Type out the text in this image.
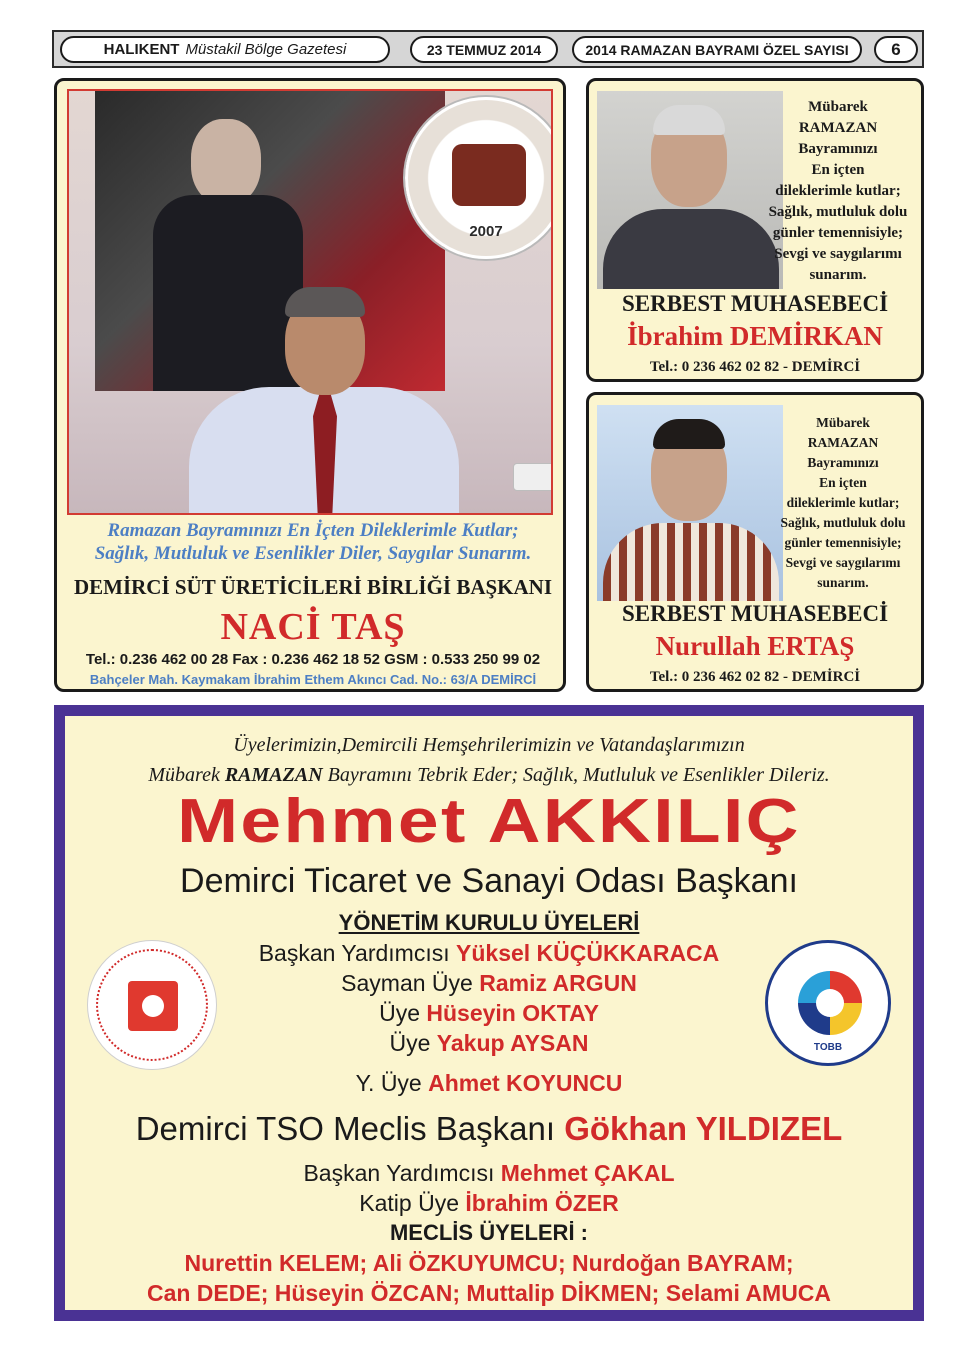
HALIKENT Müstakil Bölge Gazetesi	23 TEMMUZ 2014	2014 RAMAZAN BAYRAMI ÖZEL SAYISI	6
2007
Ramazan Bayramınızı En İçten Dileklerimle Kutlar;
Sağlık, Mutluluk ve Esenlikler Diler, Saygılar Sunarım.
DEMİRCİ SÜT ÜRETİCİLERİ BİRLİĞİ BAŞKANI
NACİ TAŞ
Tel.: 0.236 462 00 28 Fax : 0.236 462 18 52 GSM : 0.533 250 99 02
Bahçeler Mah. Kaymakam İbrahim Ethem Akıncı Cad. No.: 63/A DEMİRCİ
Mübarek
RAMAZAN Bayramınızı
En içten
dileklerimle kutlar;
Sağlık, mutluluk dolu
günler temennisiyle;
Sevgi ve saygılarımı
sunarım.
SERBEST MUHASEBECİ
İbrahim DEMİRKAN
Tel.: 0 236 462 02 82 - DEMİRCİ
Mübarek
RAMAZAN Bayramınızı
En içten
dileklerimle kutlar;
Sağlık, mutluluk dolu
günler temennisiyle;
Sevgi ve saygılarımı
sunarım.
SERBEST MUHASEBECİ
Nurullah ERTAŞ
Tel.: 0 236 462 02 82 - DEMİRCİ
Üyelerimizin,Demircili Hemşehrilerimizin ve Vatandaşlarımızın
Mübarek RAMAZAN Bayramını Tebrik Eder; Sağlık, Mutluluk ve Esenlikler Dileriz.
Mehmet AKKILIÇ
Demirci Ticaret ve Sanayi Odası Başkanı
YÖNETİM KURULU ÜYELERİ
Başkan Yardımcısı Yüksel KÜÇÜKKARACA
Sayman Üye Ramiz ARGUN
Üye Hüseyin OKTAY
Üye Yakup AYSAN
Y. Üye Ahmet KOYUNCU
TOBB
Demirci TSO Meclis Başkanı Gökhan YILDIZEL
Başkan Yardımcısı Mehmet ÇAKAL
Katip Üye İbrahim ÖZER
MECLİS ÜYELERİ :
Nurettin KELEM; Ali ÖZKUYUMCU; Nurdoğan BAYRAM;
Can DEDE; Hüseyin ÖZCAN; Muttalip DİKMEN; Selami AMUCA
